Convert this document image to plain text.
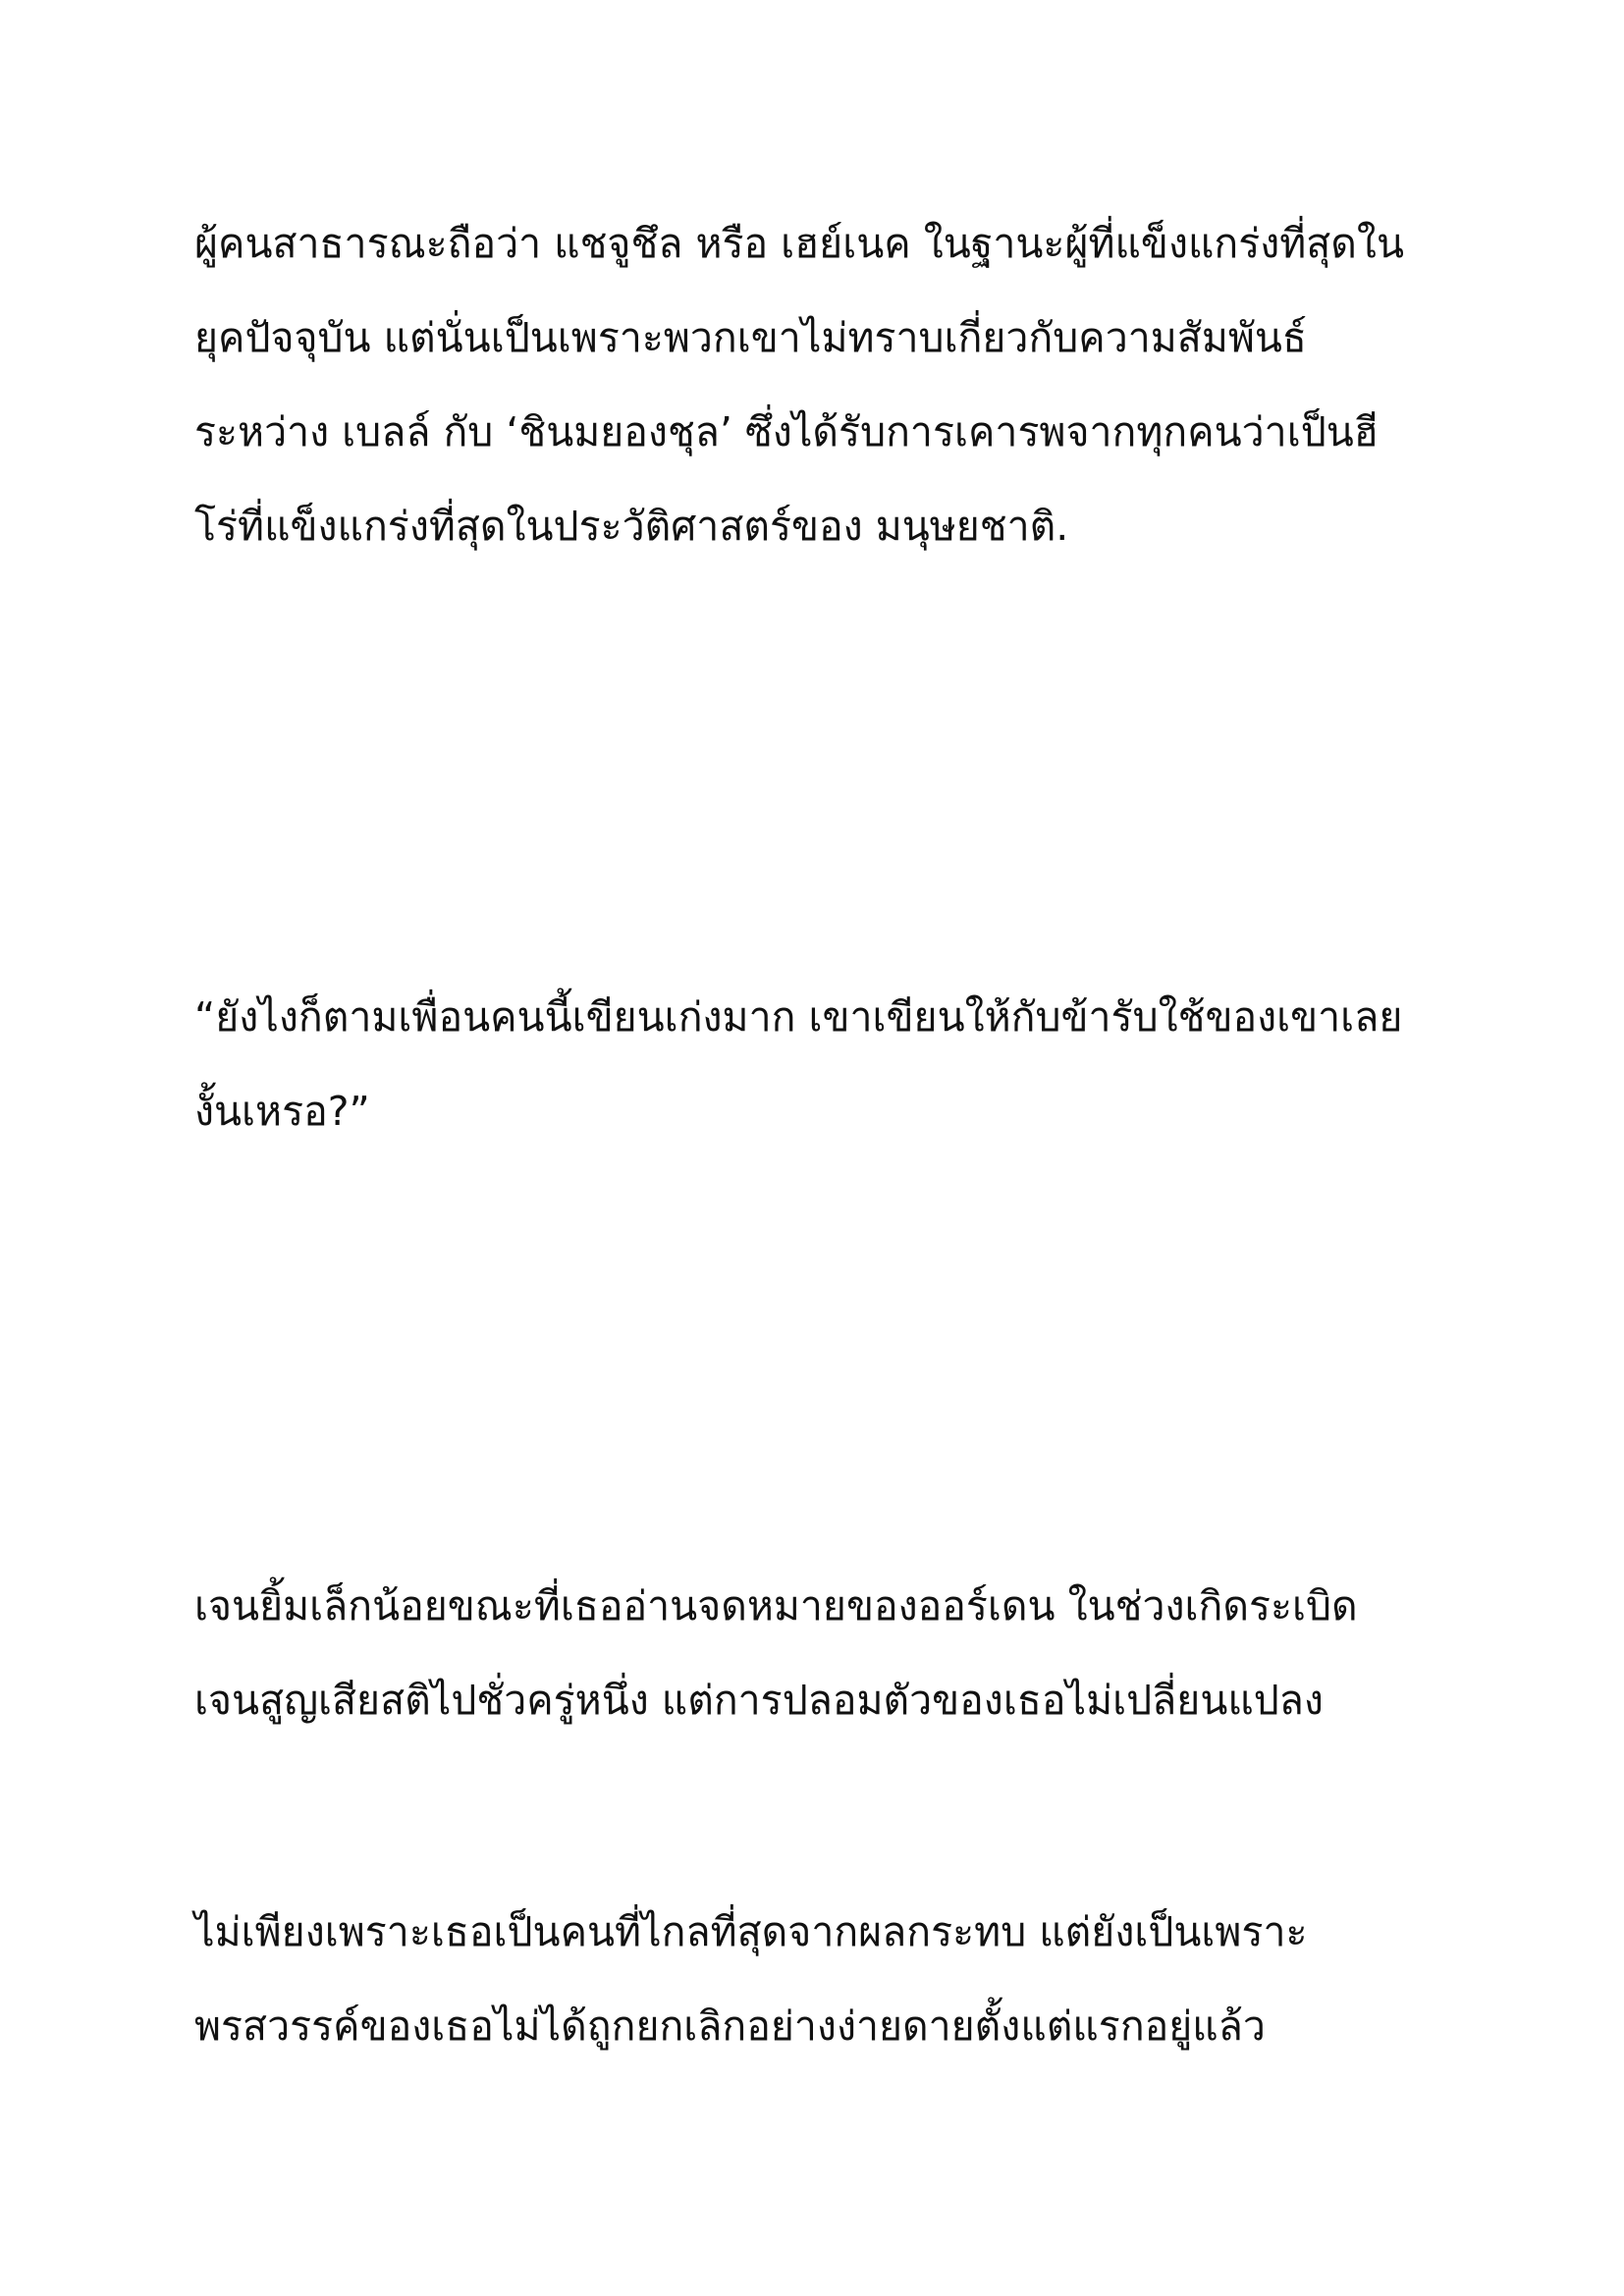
ผู้คนสาธารณะถือว่า แชจูชึล หรือ เฮย์เนค ในฐานะผู้ที่แข็งแกร่งที่สุดใน
ยุคปัจจุบัน แต่นั่นเป็นเพราะพวกเขาไม่ทราบเกี่ยวกับความสัมพันธ์
ระหว่าง เบลล์ กับ ‘ชินมยองชุล’ ซึ่งได้รับการเคารพจากทุกคนว่าเป็นฮี
โร่ที่แข็งแกร่งที่สุดในประวัติศาสตร์ของ มนุษยชาติ.

“ยังไงก็ตามเพื่อนคนนี้เขียนเก่งมาก เขาเขียนให้กับข้ารับใช้ของเขาเลย
งั้นเหรอ?”

เจนยิ้มเล็กน้อยขณะที่เธออ่านจดหมายของออร์เดน ในช่วงเกิดระเบิด
เจนสูญเสียสติไปชั่วครู่หนึ่ง แต่การปลอมตัวของเธอไม่เปลี่ยนแปลง

ไม่เพียงเพราะเธอเป็นคนที่ไกลที่สุดจากผลกระทบ แต่ยังเป็นเพราะ
พรสวรรค์ของเธอไม่ได้ถูกยกเลิกอย่างง่ายดายตั้งแต่แรกอยู่แล้ว
